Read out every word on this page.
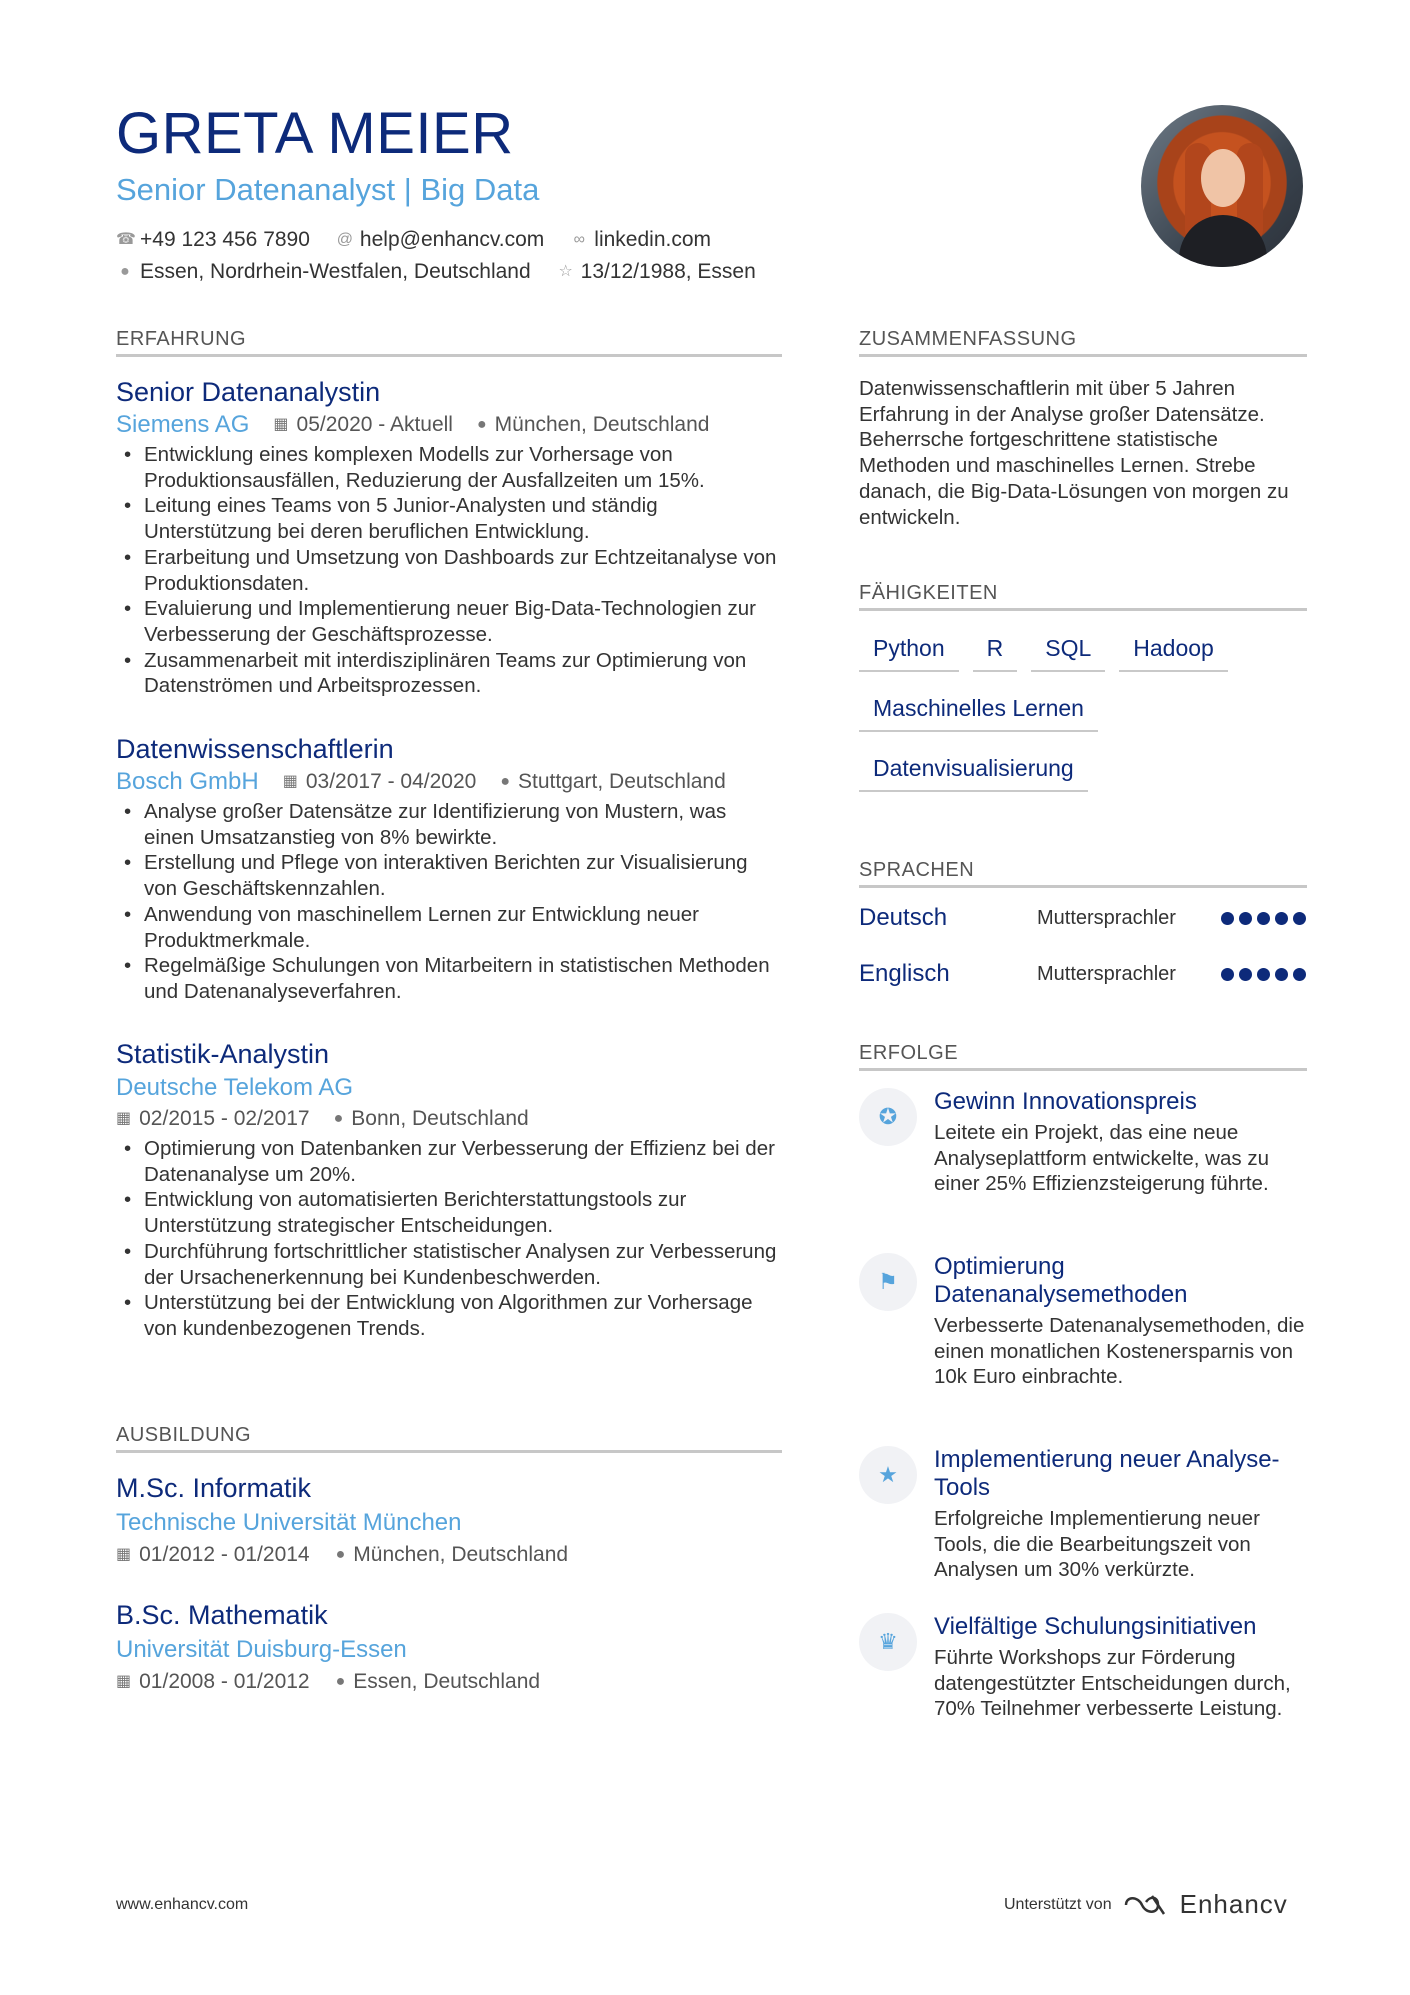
GRETA MEIER
Senior Datenanalyst | Big Data
☎ +49 123 456 7890 @ help@enhancv.com ∞ linkedin.com
● Essen, Nordrhein-Westfalen, Deutschland ☆ 13/12/1988, Essen
ERFAHRUNG
Senior Datenanalystin
Siemens AG ▦ 05/2020 - Aktuell ● München, Deutschland
• Entwicklung eines komplexen Modells zur Vorhersage von Produktionsausfällen, Reduzierung der Ausfallzeiten um 15%.
• Leitung eines Teams von 5 Junior-Analysten und ständig Unterstützung bei deren beruflichen Entwicklung.
• Erarbeitung und Umsetzung von Dashboards zur Echtzeitanalyse von Produktionsdaten.
• Evaluierung und Implementierung neuer Big-Data-Technologien zur Verbesserung der Geschäftsprozesse.
• Zusammenarbeit mit interdisziplinären Teams zur Optimierung von Datenströmen und Arbeitsprozessen.
Datenwissenschaftlerin
Bosch GmbH ▦ 03/2017 - 04/2020 ● Stuttgart, Deutschland
• Analyse großer Datensätze zur Identifizierung von Mustern, was einen Umsatzanstieg von 8% bewirkte.
• Erstellung und Pflege von interaktiven Berichten zur Visualisierung von Geschäftskennzahlen.
• Anwendung von maschinellem Lernen zur Entwicklung neuer Produktmerkmale.
• Regelmäßige Schulungen von Mitarbeitern in statistischen Methoden und Datenanalyseverfahren.
Statistik-Analystin
Deutsche Telekom AG
▦ 02/2015 - 02/2017 ● Bonn, Deutschland
• Optimierung von Datenbanken zur Verbesserung der Effizienz bei der Datenanalyse um 20%.
• Entwicklung von automatisierten Berichterstattungstools zur Unterstützung strategischer Entscheidungen.
• Durchführung fortschrittlicher statistischer Analysen zur Verbesserung der Ursachenerkennung bei Kundenbeschwerden.
• Unterstützung bei der Entwicklung von Algorithmen zur Vorhersage von kundenbezogenen Trends.
AUSBILDUNG
M.Sc. Informatik
Technische Universität München
▦ 01/2012 - 01/2014 ● München, Deutschland
B.Sc. Mathematik
Universität Duisburg-Essen
▦ 01/2008 - 01/2012 ● Essen, Deutschland
ZUSAMMENFASSUNG
Datenwissenschaftlerin mit über 5 Jahren Erfahrung in der Analyse großer Datensätze. Beherrsche fortgeschrittene statistische Methoden und maschinelles Lernen. Strebe danach, die Big-Data-Lösungen von morgen zu entwickeln.
FÄHIGKEITEN
Python	R	SQL	Hadoop
Maschinelles Lernen
Datenvisualisierung
SPRACHEN
Deutsch	Muttersprachler
Englisch	Muttersprachler
ERFOLGE
✪
Gewinn Innovationspreis
Leitete ein Projekt, das eine neue Analyseplattform entwickelte, was zu einer 25% Effizienzsteigerung führte.
⚑
Optimierung Datenanalysemethoden
Verbesserte Datenanalysemethoden, die einen monatlichen Kostenersparnis von 10k Euro einbrachte.
★
Implementierung neuer Analyse-Tools
Erfolgreiche Implementierung neuer Tools, die die Bearbeitungszeit von Analysen um 30% verkürzte.
♛
Vielfältige Schulungsinitiativen
Führte Workshops zur Förderung datengestützter Entscheidungen durch, 70% Teilnehmer verbesserte Leistung.
www.enhancv.com	Unterstützt von	Enhancv
